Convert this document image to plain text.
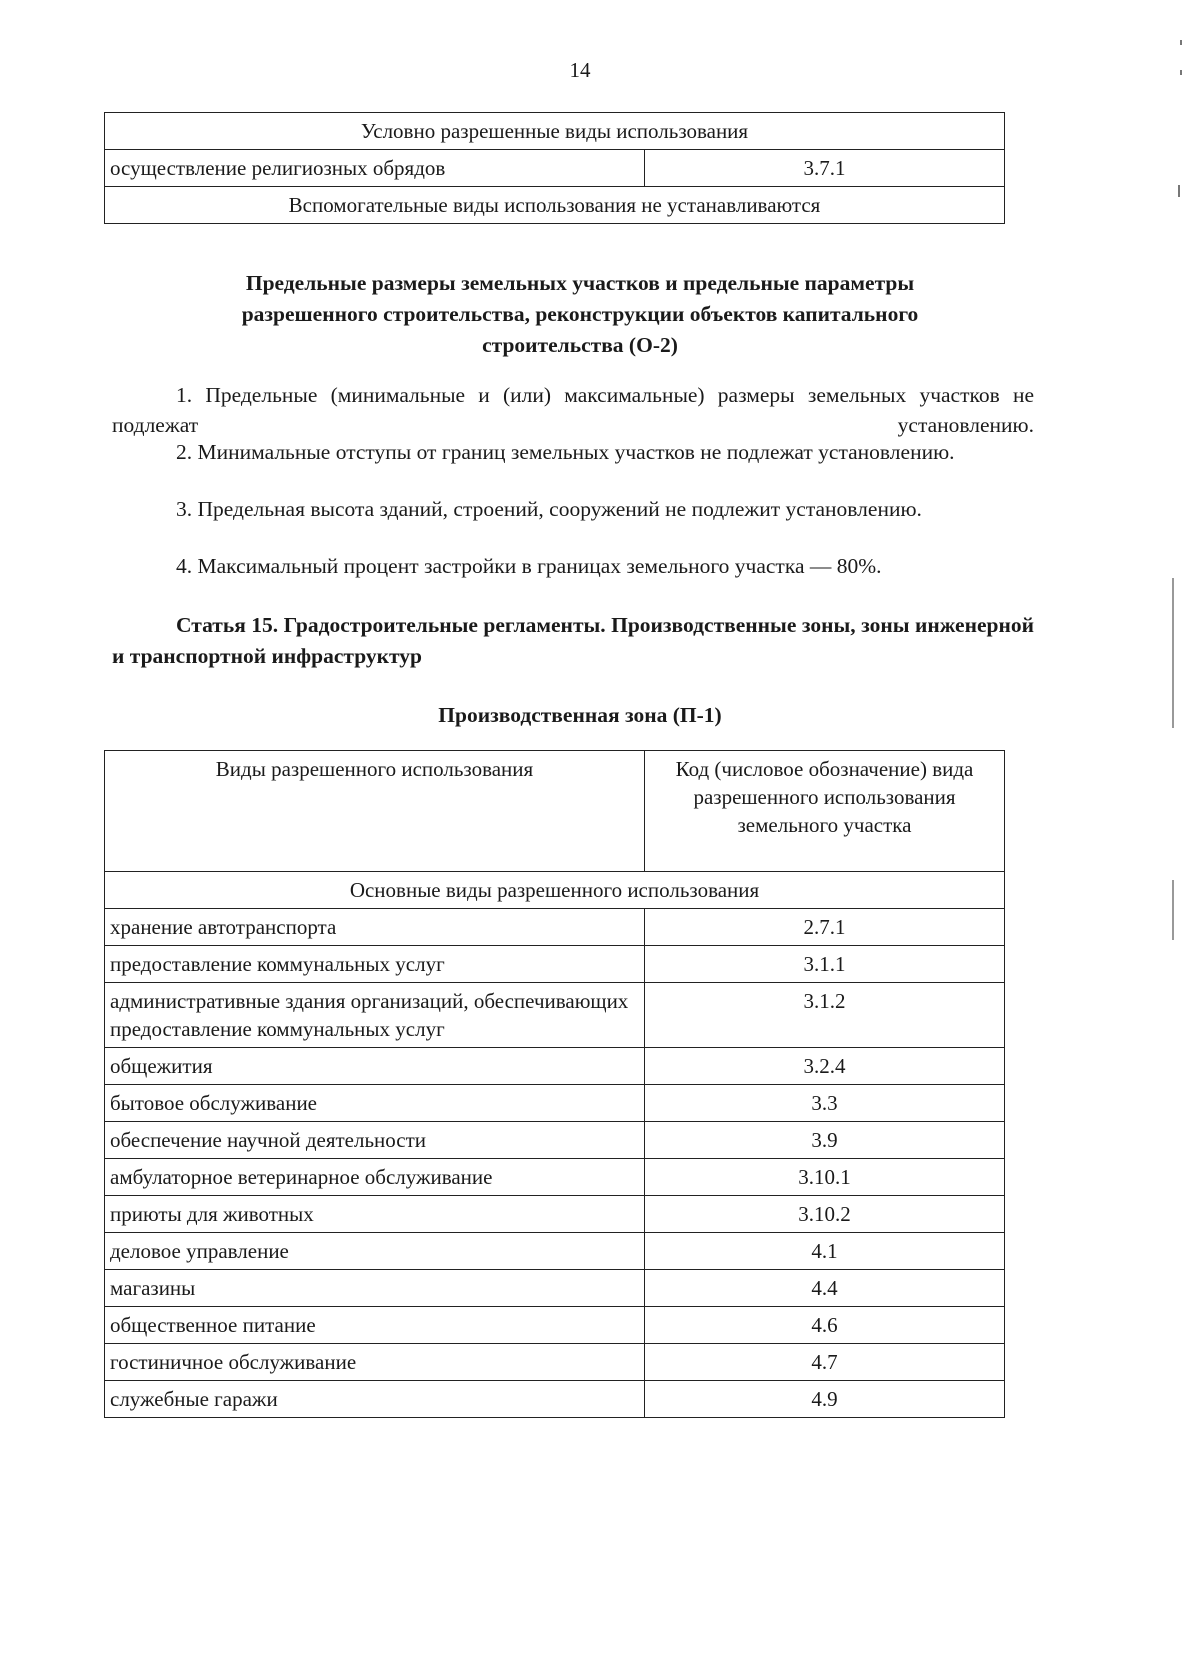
14
Условно разрешенные виды использования
осуществление религиозных обрядов	3.7.1
Вспомогательные виды использования не устанавливаются
Предельные размеры земельных участков и предельные параметры
разрешенного строительства, реконструкции объектов капитального
строительства (О-2)
1. Предельные (минимальные и (или) максимальные) размеры земельных участков не подлежат установлению.
2. Минимальные отступы от границ земельных участков не подлежат установлению.
3. Предельная высота зданий, строений, сооружений не подлежит установлению.
4. Максимальный процент застройки в границах земельного участка — 80%.
Статья 15. Градостроительные регламенты. Производственные зоны, зоны инженерной и транспортной инфраструктур
Производственная зона (П-1)
Виды разрешенного использования	Код (числовое обозначение) вида разрешенного использования земельного участка
Основные виды разрешенного использования	
хранение автотранспорта	2.7.1
предоставление коммунальных услуг	3.1.1
административные здания организаций, обеспечивающих предоставление коммунальных услуг	3.1.2
общежития	3.2.4
бытовое обслуживание	3.3
обеспечение научной деятельности	3.9
амбулаторное ветеринарное обслуживание	3.10.1
приюты для животных	3.10.2
деловое управление	4.1
магазины	4.4
общественное питание	4.6
гостиничное обслуживание	4.7
служебные гаражи	4.9
